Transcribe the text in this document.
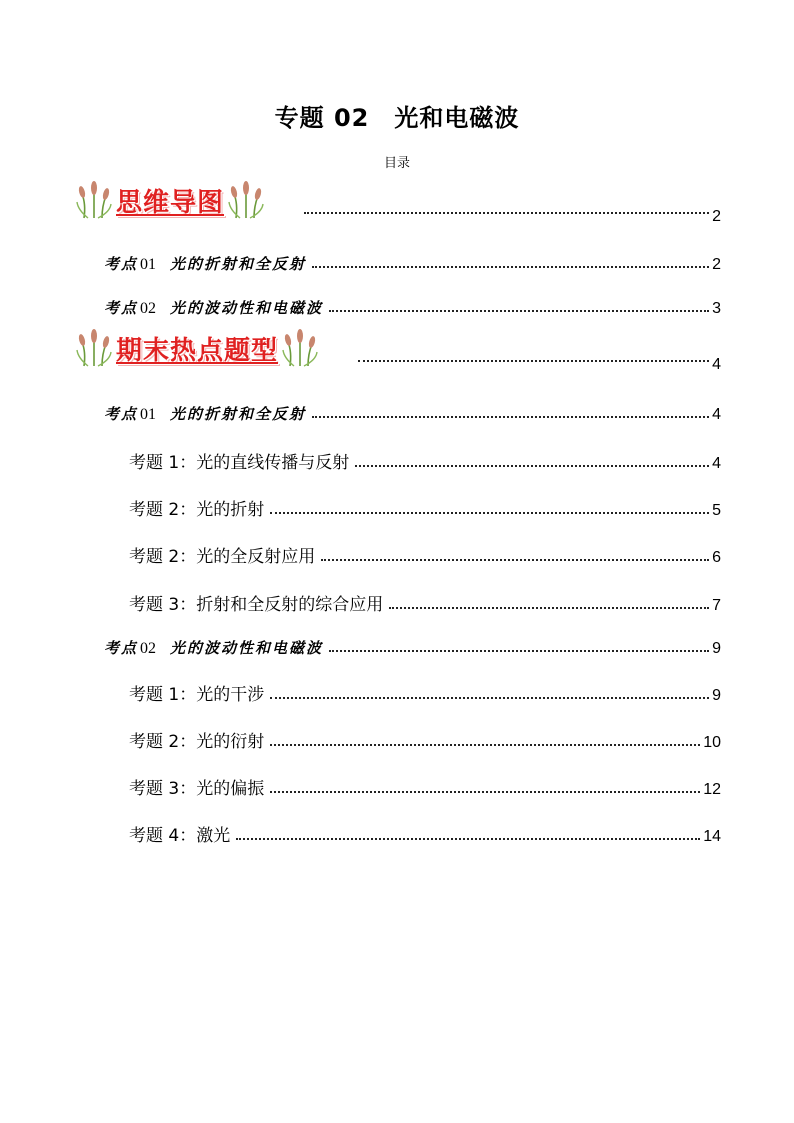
专题 02　光和电磁波
目录
思维导图	2
考点 01 光的折射和全反射	2
考点 02 光的波动性和电磁波	3
期末热点题型	4
考点 01 光的折射和全反射	4
考题 1：光的直线传播与反射	4
考题 2：光的折射	5
考题 2：光的全反射应用	6
考题 3：折射和全反射的综合应用	7
考点 02 光的波动性和电磁波	9
考题 1：光的干涉	9
考题 2：光的衍射	10
考题 3：光的偏振	12
考题 4：激光	14
